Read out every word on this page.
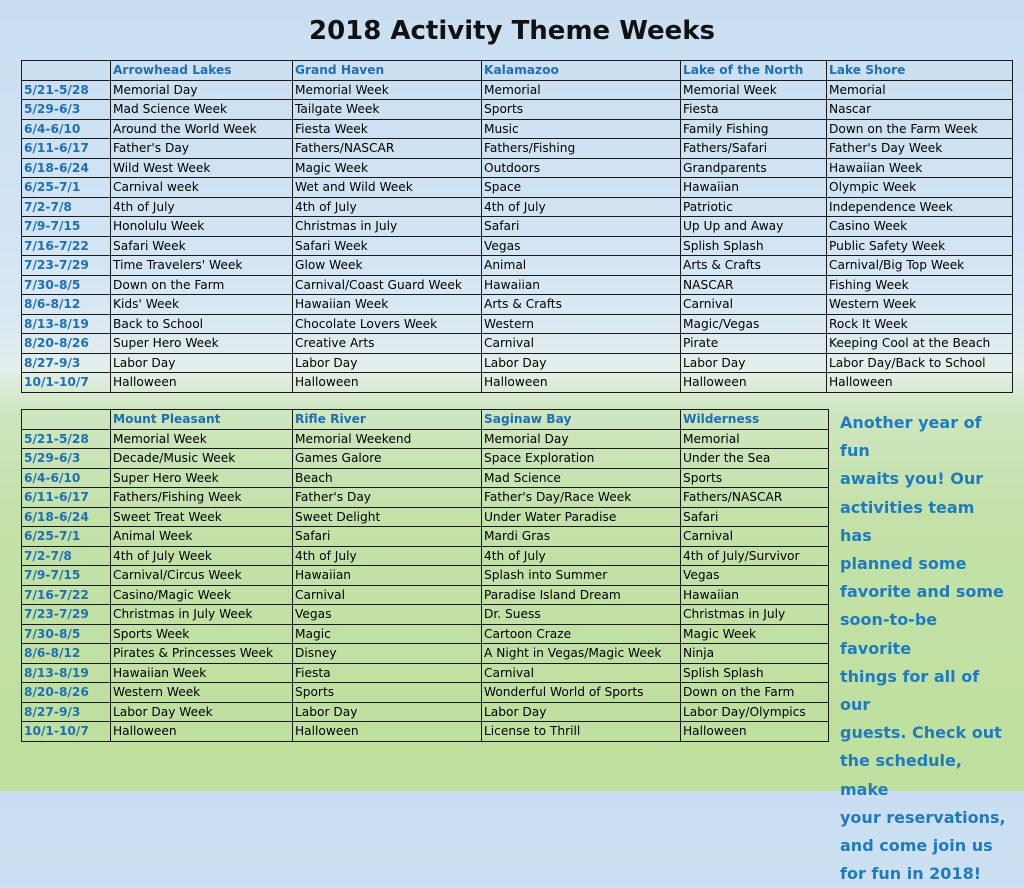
2018 Activity Theme Weeks
	Arrowhead Lakes	Grand Haven	Kalamazoo	Lake of the North	Lake Shore
5/21-5/28	Memorial Day	Memorial Week	Memorial	Memorial Week	Memorial
5/29-6/3	Mad Science Week	Tailgate Week	Sports	Fiesta	Nascar
6/4-6/10	Around the World Week	Fiesta Week	Music	Family Fishing	Down on the Farm Week
6/11-6/17	Father's Day	Fathers/NASCAR	Fathers/Fishing	Fathers/Safari	Father's Day Week
6/18-6/24	Wild West Week	Magic Week	Outdoors	Grandparents	Hawaiian Week
6/25-7/1	Carnival week	Wet and Wild Week	Space	Hawaiian	Olympic Week
7/2-7/8	4th of July	4th of July	4th of July	Patriotic	Independence Week
7/9-7/15	Honolulu Week	Christmas in July	Safari	Up Up and Away	Casino Week
7/16-7/22	Safari Week	Safari Week	Vegas	Splish Splash	Public Safety Week
7/23-7/29	Time Travelers' Week	Glow Week	Animal	Arts & Crafts	Carnival/Big Top Week
7/30-8/5	Down on the Farm	Carnival/Coast Guard Week	Hawaiian	NASCAR	Fishing Week
8/6-8/12	Kids' Week	Hawaiian Week	Arts & Crafts	Carnival	Western Week
8/13-8/19	Back to School	Chocolate Lovers Week	Western	Magic/Vegas	Rock It Week
8/20-8/26	Super Hero Week	Creative Arts	Carnival	Pirate	Keeping Cool at the Beach
8/27-9/3	Labor Day	Labor Day	Labor Day	Labor Day	Labor Day/Back to School
10/1-10/7	Halloween	Halloween	Halloween	Halloween	Halloween
	Mount Pleasant	Rifle River	Saginaw Bay	Wilderness
5/21-5/28	Memorial Week	Memorial Weekend	Memorial Day	Memorial
5/29-6/3	Decade/Music Week	Games Galore	Space Exploration	Under the Sea
6/4-6/10	Super Hero Week	Beach	Mad Science	Sports
6/11-6/17	Fathers/Fishing Week	Father's Day	Father's Day/Race Week	Fathers/NASCAR
6/18-6/24	Sweet Treat Week	Sweet Delight	Under Water Paradise	Safari
6/25-7/1	Animal Week	Safari	Mardi Gras	Carnival
7/2-7/8	4th of July Week	4th of July	4th of July	4th of July/Survivor
7/9-7/15	Carnival/Circus Week	Hawaiian	Splash into Summer	Vegas
7/16-7/22	Casino/Magic Week	Carnival	Paradise Island Dream	Hawaiian
7/23-7/29	Christmas in July Week	Vegas	Dr. Suess	Christmas in July
7/30-8/5	Sports Week	Magic	Cartoon Craze	Magic Week
8/6-8/12	Pirates & Princesses Week	Disney	A Night in Vegas/Magic Week	Ninja
8/13-8/19	Hawaiian Week	Fiesta	Carnival	Splish Splash
8/20-8/26	Western Week	Sports	Wonderful World of Sports	Down on the Farm
8/27-9/3	Labor Day Week	Labor Day	Labor Day	Labor Day/Olympics
10/1-10/7	Halloween	Halloween	License to Thrill	Halloween
Another year of fun
awaits you! Our
activities team has
planned some
favorite and some
soon-to-be favorite
things for all of our
guests. Check out
the schedule, make
your reservations,
and come join us
for fun in 2018!
